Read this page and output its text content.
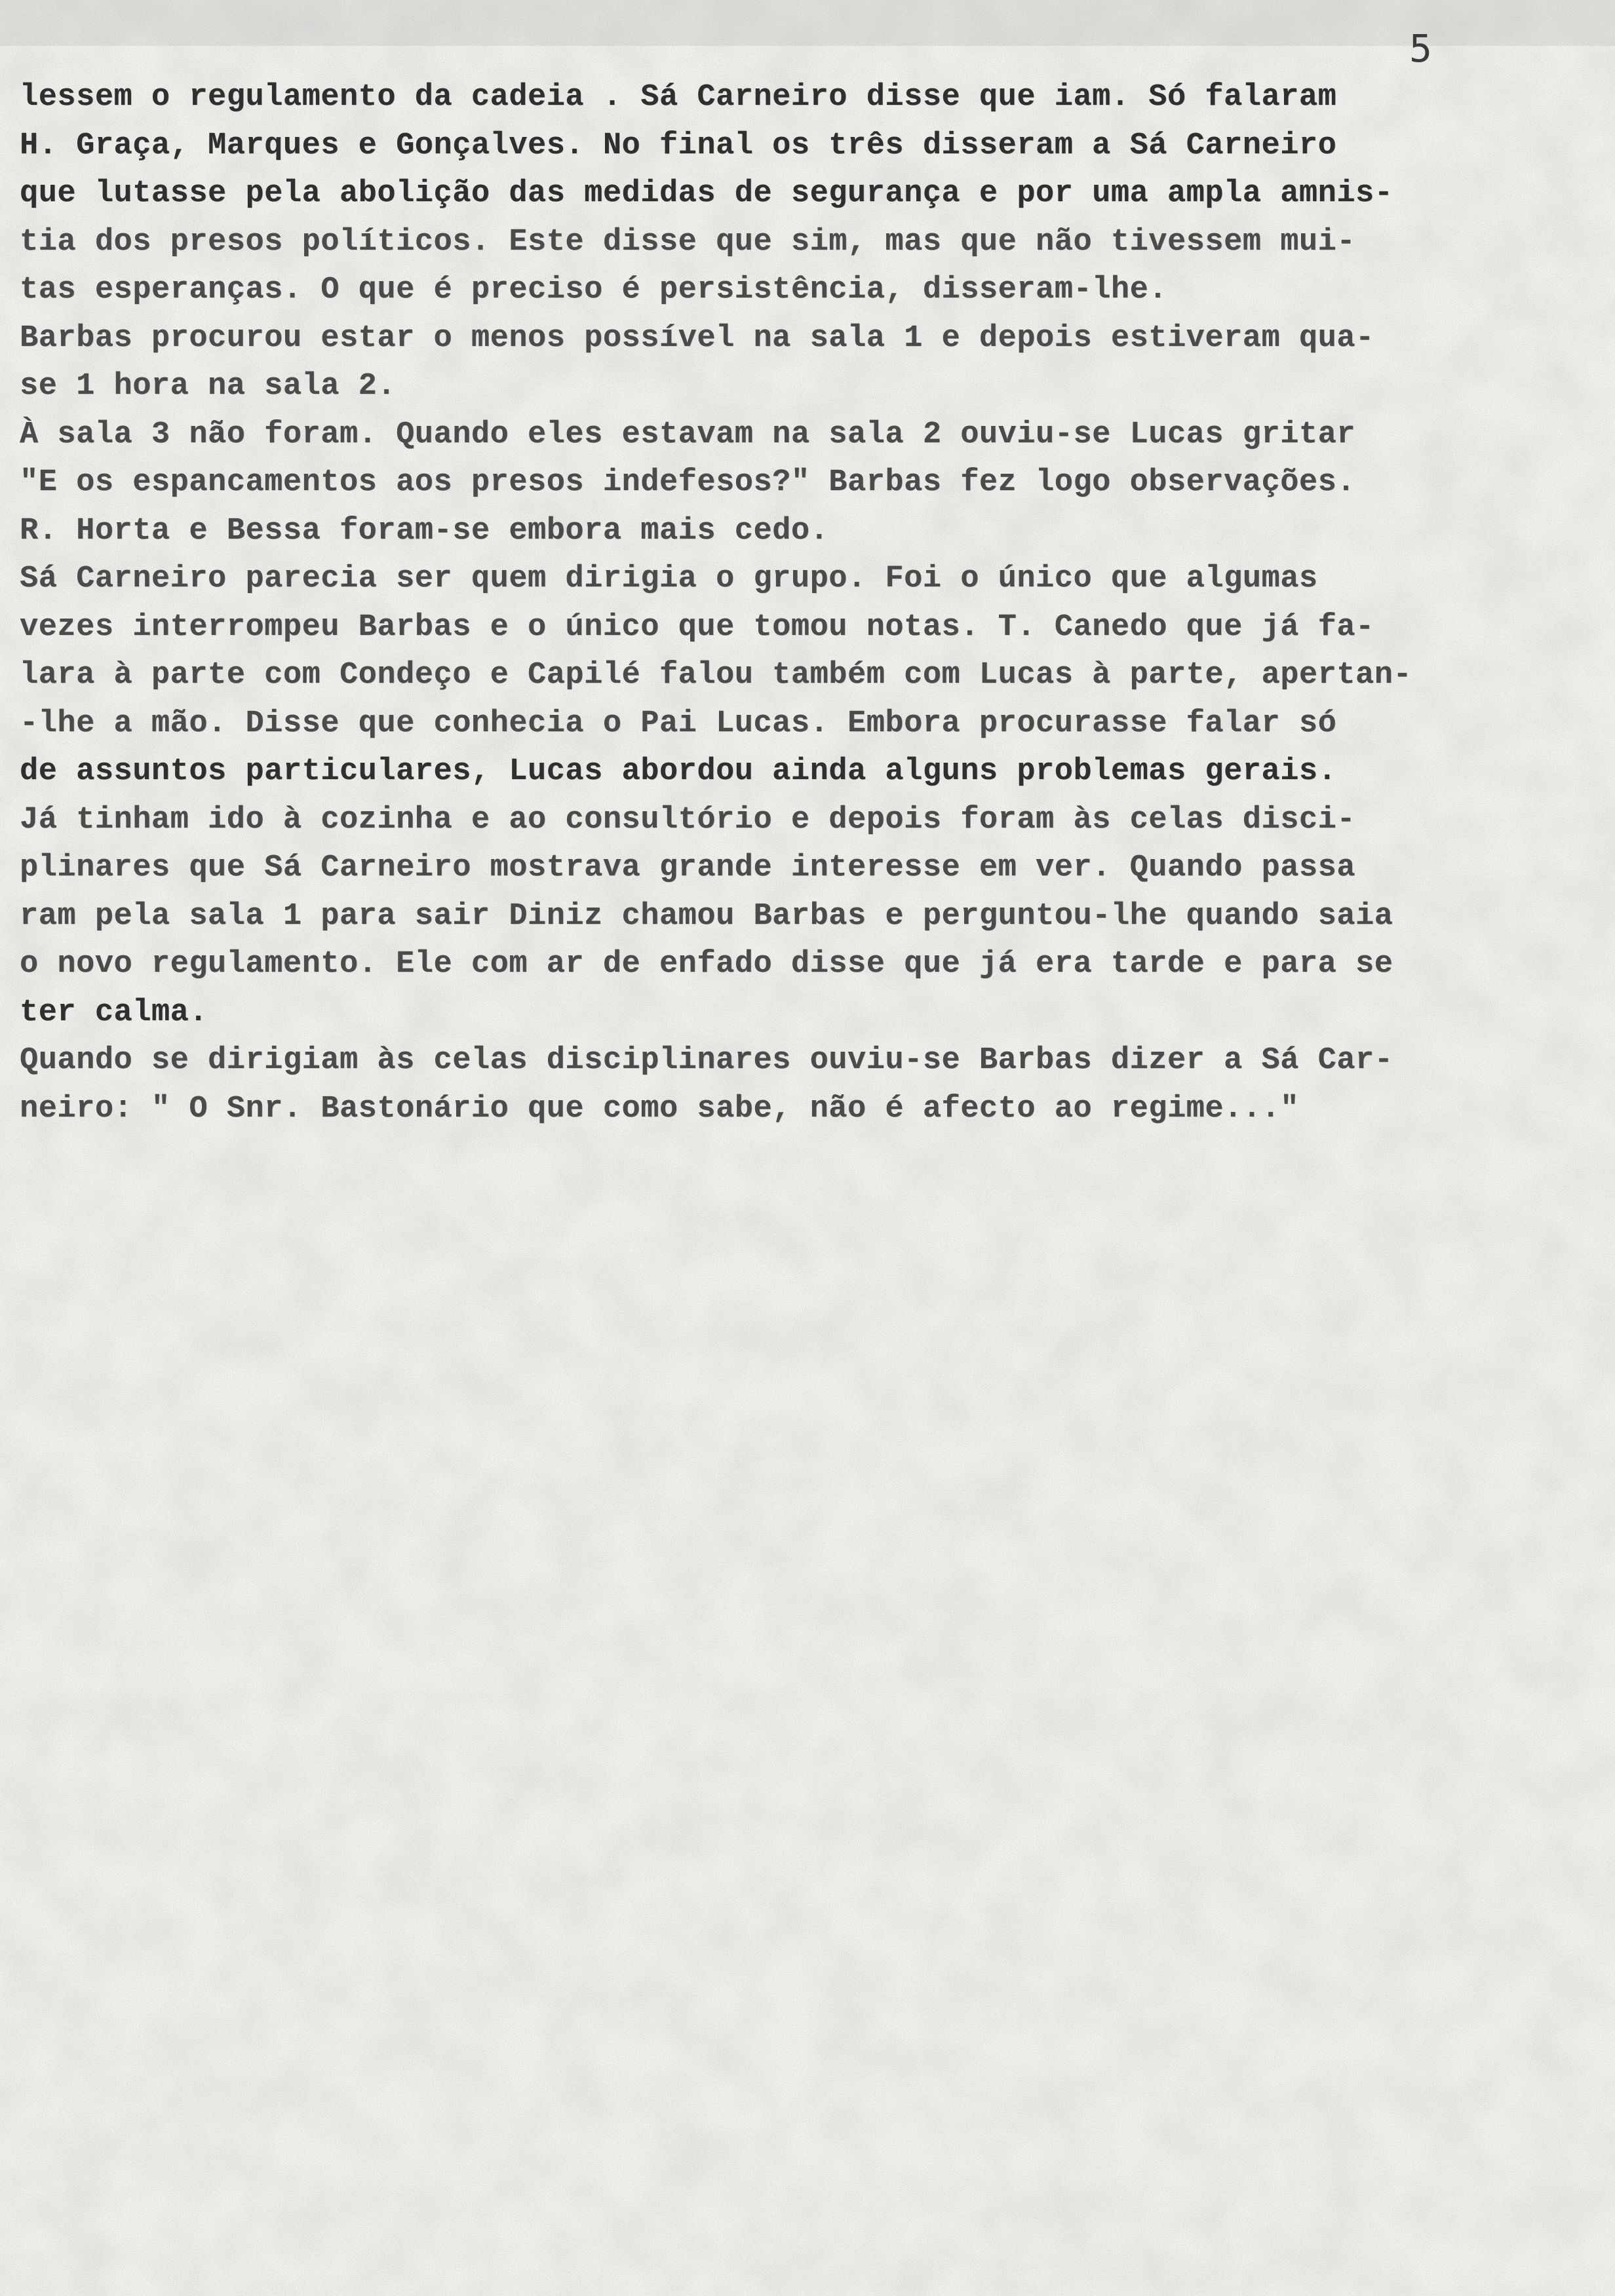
5
lessem o regulamento da cadeia . Sá Carneiro disse que iam. Só falaram
H. Graça, Marques e Gonçalves. No final os três disseram a Sá Carneiro
que lutasse pela abolição das medidas de segurança e por uma ampla amnis-
tia dos presos políticos. Este disse que sim, mas que não tivessem mui-
tas esperanças. O que é preciso é persistência, disseram-lhe.
Barbas procurou estar o menos possível na sala 1 e depois estiveram qua-
se 1 hora na sala 2.
À sala 3 não foram. Quando eles estavam na sala 2 ouviu-se Lucas gritar
"E os espancamentos aos presos indefesos?" Barbas fez logo observações.
R. Horta e Bessa foram-se embora mais cedo.
Sá Carneiro parecia ser quem dirigia o grupo. Foi o único que algumas
vezes interrompeu Barbas e o único que tomou notas. T. Canedo que já fa-
lara à parte com Condeço e Capilé falou também com Lucas à parte, apertan-
-lhe a mão. Disse que conhecia o Pai Lucas. Embora procurasse falar só
de assuntos particulares, Lucas abordou ainda alguns problemas gerais.
Já tinham ido à cozinha e ao consultório e depois foram às celas disci-
plinares que Sá Carneiro mostrava grande interesse em ver. Quando passa
ram pela sala 1 para sair Diniz chamou Barbas e perguntou-lhe quando saia
o novo regulamento. Ele com ar de enfado disse que já era tarde e para se
ter calma.
Quando se dirigiam às celas disciplinares ouviu-se Barbas dizer a Sá Car-
neiro: " O Snr. Bastonário que como sabe, não é afecto ao regime..."
